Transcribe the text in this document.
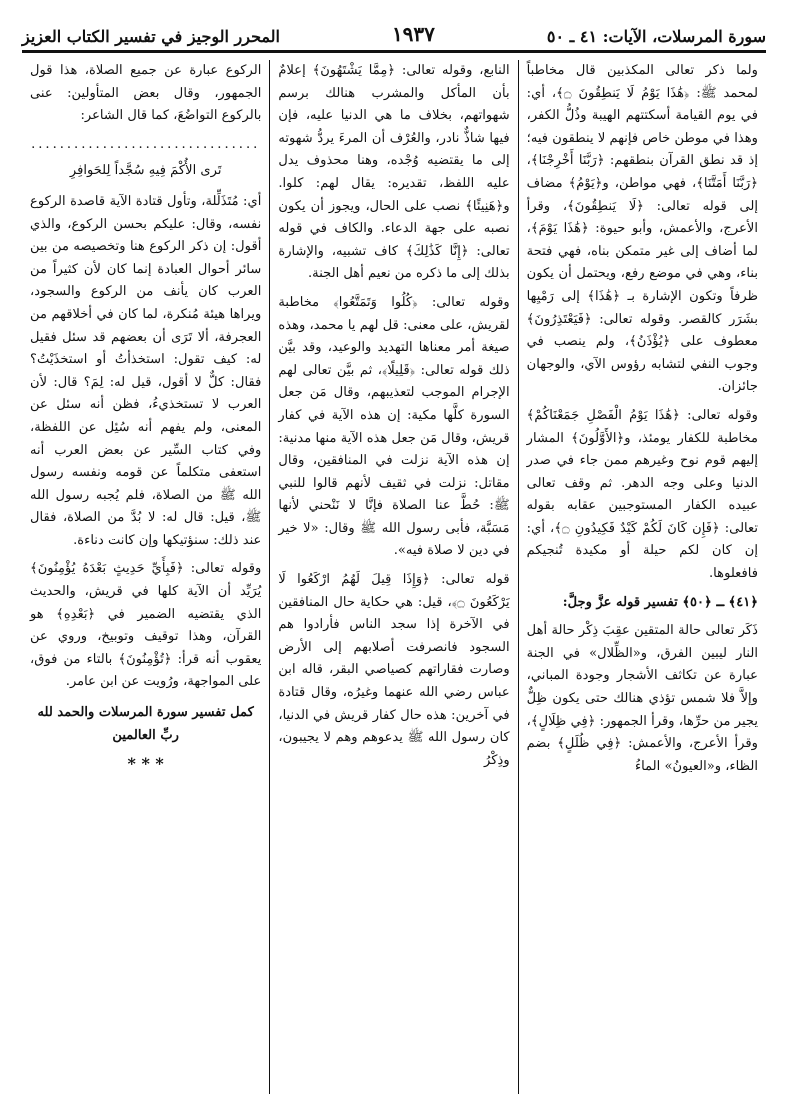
سورة المرسلات، الآيات: ٤١ ـ ٥٠
١٩٣٧
المحرر الوجيز في تفسير الكتاب العزيز

ولما ذكر تعالى المكذبين قال مخاطباً لمحمد ﷺ: ﴿هَٰذَا يَوْمُ لَا يَنطِقُونَ ۝﴾، أي: في يوم القيامة أسكتتهم الهيبة وذُلُّ الكفر، وهذا في موطن خاص فإنهم لا ينطقون فيه؛ إذ قد نطق القرآن بنطقهم: ﴿رَبَّنَا أَخْرِجْنَا﴾، ﴿رَبَّنَا أَمَتَّنَا﴾، فهي مواطن، و﴿يَوْمُ﴾ مضاف إلى قوله تعالى: ﴿لَا يَنطِقُونَ﴾، وقرأ الأعرج، والأعمش، وأبو حيوة: ﴿هَٰذَا يَوْمَ﴾، لما أضاف إلى غير متمكن بناه، فهي فتحة بناء، وهي في موضع رفع، ويحتمل أن يكون ظرفاً وتكون الإشارة بـ ﴿هَٰذَا﴾ إلى رَمْيِها بشَرَر كالقصر. وقوله تعالى: ﴿فَيَعْتَذِرُونَ﴾ معطوف على ﴿يُؤْذَنُ﴾، ولم ينصب في وجوب النفي لتشابه رؤوس الآي، والوجهان جائزان.

وقوله تعالى: ﴿هَٰذَا يَوْمُ الْفَصْلِ جَمَعْنَاكُمْ﴾ مخاطبة للكفار يومئذ، و﴿الأَوَّلُونَ﴾ المشار إليهم قوم نوح وغيرهم ممن جاء في صدر الدنيا وعلى وجه الدهر. ثم وقف تعالى عبيده الكفار المستوجبين عقابه بقوله تعالى: ﴿فَإِن كَانَ لَكُمْ كَيْدٌ فَكِيدُونِ ۝﴾، أي: إن كان لكم حيلة أو مكيدة تُنجيكم فافعلوها.

﴿٤١﴾ ـ ﴿٥٠﴾ تفسير قوله عزَّ وجلَّ:

ذَكَر تعالى حالة المتقين عقِبَ ذِكْر حالة أهل النار ليبين الفرق، و«الظِّلال» في الجنة عبارة عن تكاثف الأشجار وجودة المباني، وإلاَّ فلا شمس تؤذي هنالك حتى يكون ظِلٌّ يجير من حرِّها، وقرأ الجمهور: ﴿فِي ظِلَالٍ﴾، وقرأ الأعرج، والأعمش: ﴿فِي ظُلَلٍ﴾ بضم الظاء، و«العيونُ» الماءُ

النابع، وقوله تعالى: ﴿مِمَّا يَشْتَهُونَ﴾ إعلامٌ بأن المأكل والمشرب هنالك برسم شهواتهم، بخلاف ما هي الدنيا عليه، فإن فيها شاذٌّ نادر، والعُرْف أن المرءَ يردُّ شهوته إلى ما يقتضيه وُجْده، وهنا محذوف يدل عليه اللفظ، تقديره: يقال لهم: كلوا. و﴿هَنِيئًا﴾ نصب على الحال، ويجوز أن يكون نصبه على جهة الدعاء. والكاف في قوله تعالى: ﴿إِنَّا كَذَٰلِكَ﴾ كاف تشبيه، والإشارة بذلك إلى ما ذكره من نعيم أهل الجنة.

وقوله تعالى: ﴿كُلُوا وَتَمَتَّعُوا﴾ مخاطبة لقريش، على معنى: قل لهم يا محمد، وهذه صيغة أمر معناها التهديد والوعيد، وقد بيَّن ذلك قوله تعالى: ﴿قَلِيلًا﴾، ثم بيَّن تعالى لهم الإجرام الموجب لتعذيبهم، وقال مَن جعل السورة كلَّها مكية: إن هذه الآية في كفار قريش، وقال مَن جعل هذه الآية منها مدنية: إن هذه الآية نزلت في المنافقين، وقال مقاتل: نزلت في ثقيف لأنهم قالوا للنبي ﷺ: حُطَّ عنا الصلاة فإنَّا لا نَنْحني لأنها مَسَبَّة، فأبى رسول الله ﷺ وقال: «لا خير في دين لا صلاة فيه».

قوله تعالى: ﴿وَإِذَا قِيلَ لَهُمُ ارْكَعُوا لَا يَرْكَعُونَ ۝﴾، قيل: هي حكاية حال المنافقين في الآخرة إذا سجد الناس فأرادوا هم السجود فانصرفت أصلابهم إلى الأرض وصارت فقاراتهم كصياصي البقر، قاله ابن عباس رضي الله عنهما وغيرُه، وقال قتادة في آخرين: هذه حال كفار قريش في الدنيا، كان رسول الله ﷺ يدعوهم وهم لا يجيبون، وذِكْرُ

الركوع عبارة عن جميع الصلاة، هذا قول الجمهور، وقال بعض المتأولين: عنى بالركوع التواضُعَ، كما قال الشاعر:

................................
تَرى الأُكْمَ فِيهِ سُجَّداً لِلحَوافِرِ

أي: مُتَذَلِّلة، وتأول قتادة الآية قاصدة الركوع نفسه، وقال: عليكم بحسن الركوع، والذي أقول: إن ذكر الركوع هنا وتخصيصه من بين سائر أحوال العبادة إنما كان لأن كثيراً من العرب كان يأنف من الركوع والسجود، ويراها هيئة مُنكرة، لما كان في أخلاقهم من العجرفة، ألا تَرَى أن بعضهم قد سئل فقيل له: كيف تقول: استخذأتُ أو استخذَيْتُ؟ فقال: كلٌّ لا أقول، قيل له: لِمَ؟ قال: لأن العرب لا تستخذيءُ، فظن أنه سئل عن المعنى، ولم يفهم أنه سُئِل عن اللفظة، وفي كتاب السِّير عن بعض العرب أنه استعفى متكلماً عن قومه ونفسه رسول الله ﷺ من الصلاة، فلم يُجبه رسول الله ﷺ، قيل: قال له: لا بُدَّ من الصلاة، فقال عند ذلك: سنؤتيكها وإن كانت دناءة.

وقوله تعالى: ﴿فَبِأَيِّ حَدِيثٍ بَعْدَهُ يُؤْمِنُونَ﴾ يُرَيِّد أن الآية كلها في قريش، والحديث الذي يقتضيه الضمير في ﴿بَعْدِهِ﴾ هو القرآن، وهذا توقيف وتوبيخ، وروي عن يعقوب أنه قرأ: ﴿تُؤْمِنُونَ﴾ بالتاء من فوق، على المواجهة، ورُويت عن ابن عامر.

كمل تفسير سورة المرسلات والحمد لله ربِّ العالمين
* * *
